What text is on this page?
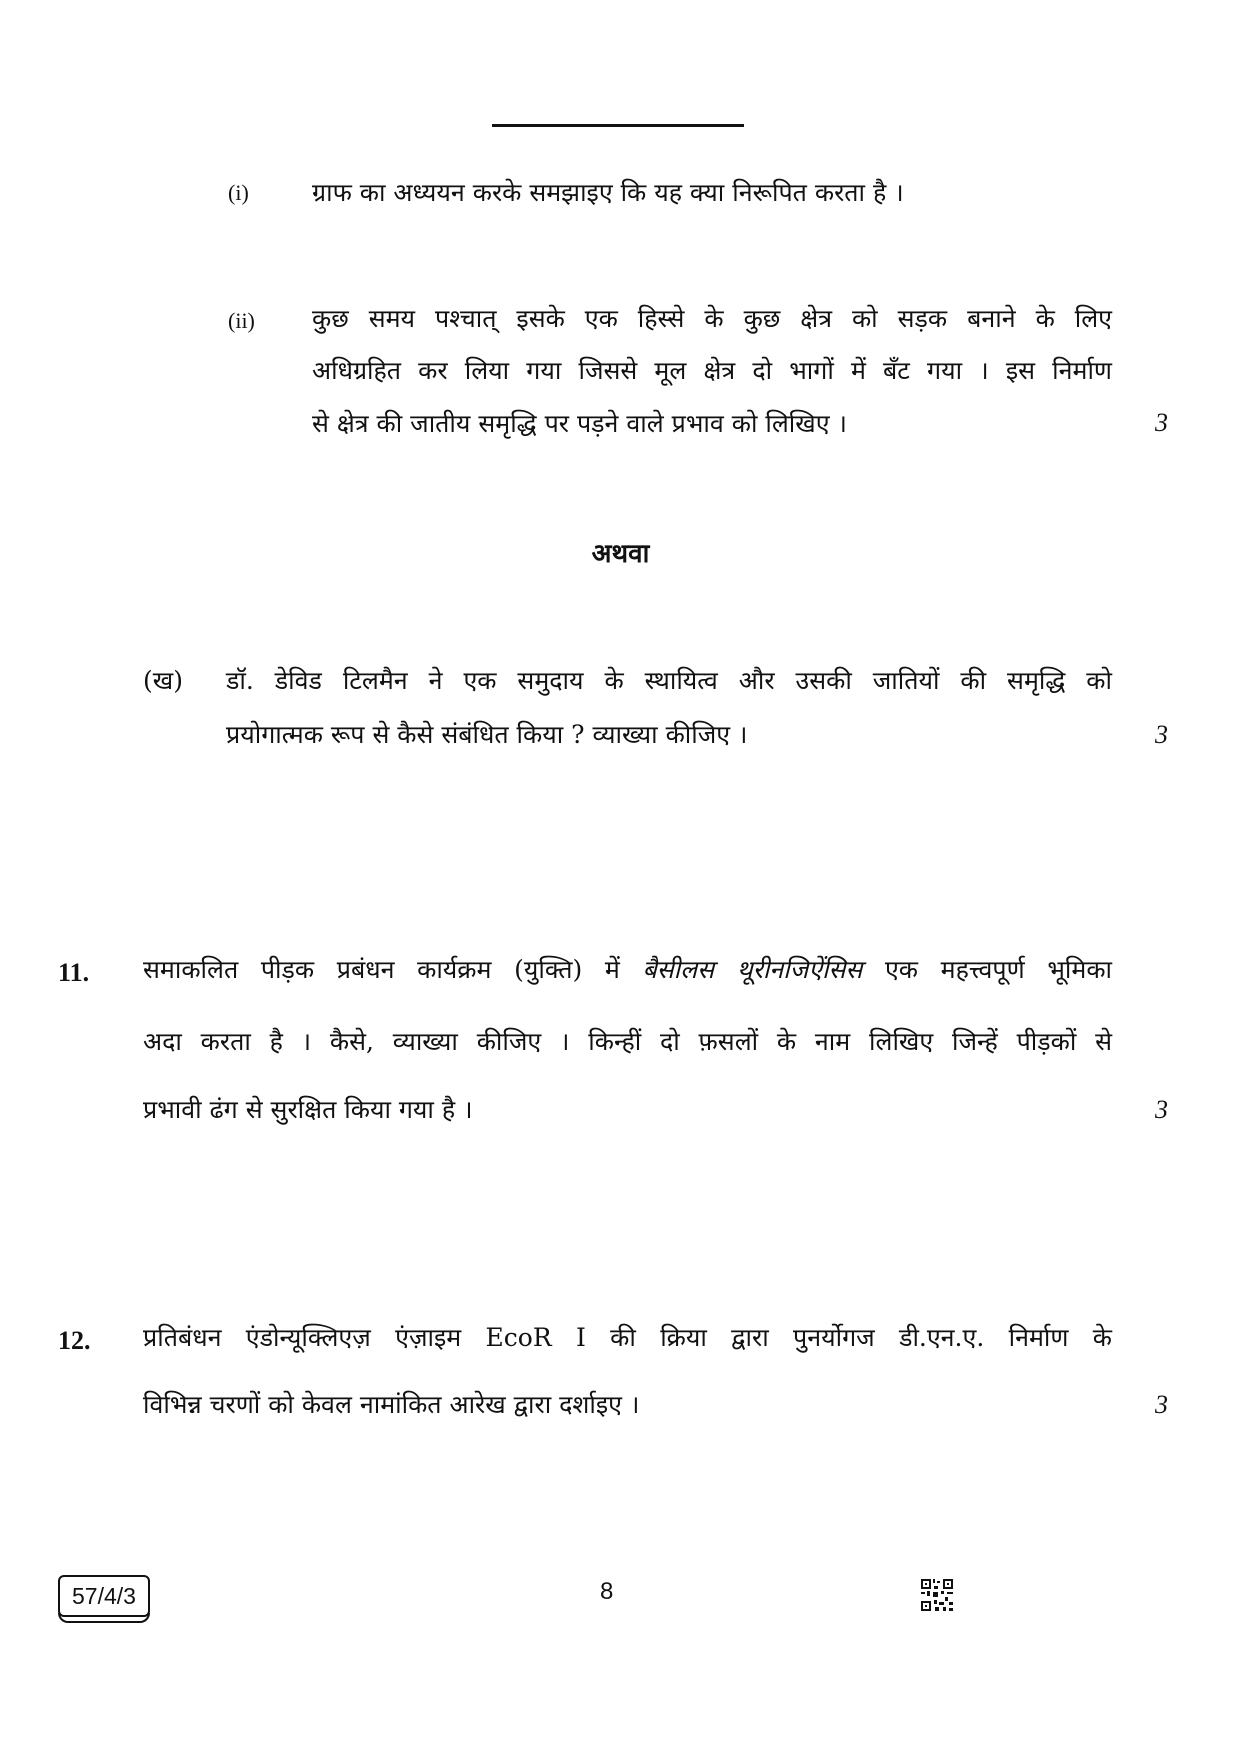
(i)	ग्राफ का अध्ययन करके समझाइए कि यह क्या निरूपित करता है ।
(ii) कुछ समय पश्चात् इसके एक हिस्से के कुछ क्षेत्र को सड़क बनाने के लिए
अधिग्रहित कर लिया गया जिससे मूल क्षेत्र दो भागों में बँट गया । इस निर्माण
से क्षेत्र की जातीय समृद्धि पर पड़ने वाले प्रभाव को लिखिए ।	3
अथवा
(ख)	डॉ. डेविड टिलमैन ने एक समुदाय के स्थायित्व और उसकी जातियों की समृद्धि को
प्रयोगात्मक रूप से कैसे संबंधित किया ? व्याख्या कीजिए ।	3
11. समाकलित पीड़क प्रबंधन कार्यक्रम (युक्ति) में बैसीलस थूरीनजिऐंसिस एक महत्त्वपूर्ण भूमिका
अदा करता है । कैसे, व्याख्या कीजिए । किन्हीं दो फ़सलों के नाम लिखिए जिन्हें पीड़कों से
प्रभावी ढंग से सुरक्षित किया गया है ।	3
12. प्रतिबंधन एंडोन्यूक्लिएज़ एंज़ाइम EcoR I की क्रिया द्वारा पुनर्योगज डी.एन.ए. निर्माण के
विभिन्न चरणों को केवल नामांकित आरेख द्वारा दर्शाइए ।	3
57/4/3	8
